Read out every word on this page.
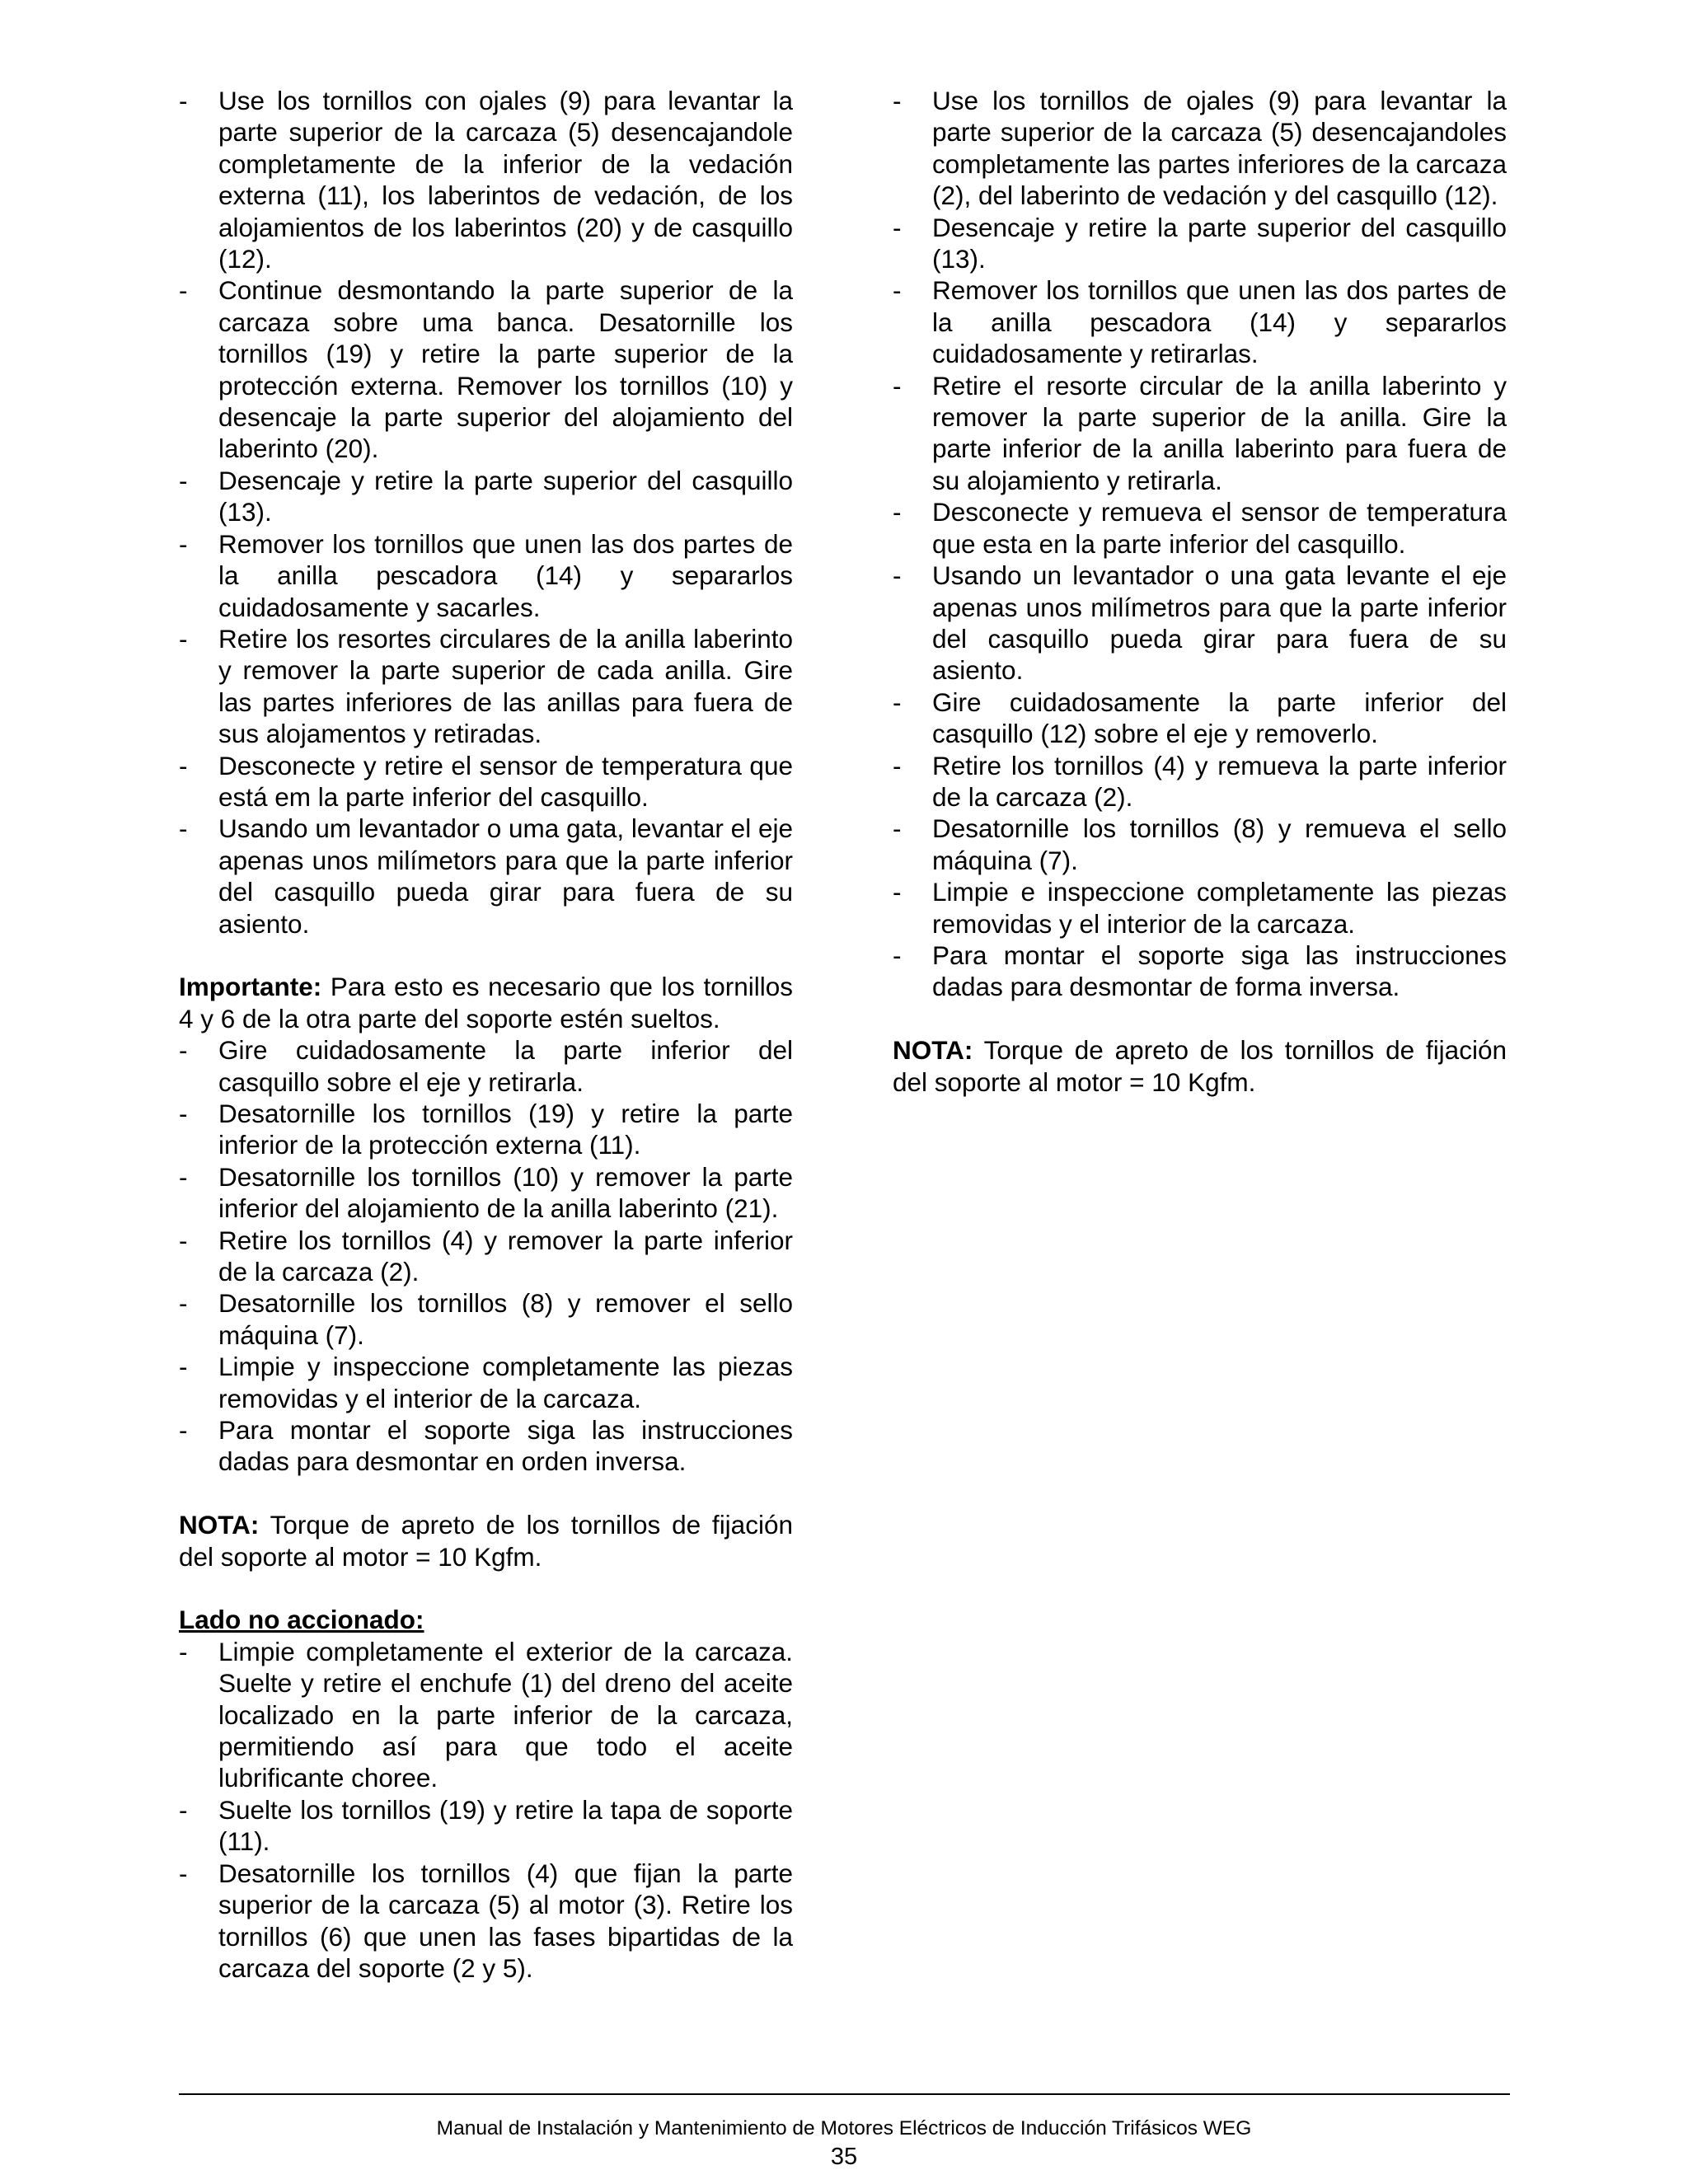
- Use los tornillos con ojales (9) para levantar la parte superior de la carcaza (5) desencajandole completamente de la inferior de la vedación externa (11), los laberintos de vedación, de los alojamientos de los laberintos (20) y de casquillo (12).
- Continue desmontando la parte superior de la carcaza sobre uma banca. Desatornille los tornillos (19) y retire la parte superior de la protección externa. Remover los tornillos (10) y desencaje la parte superior del alojamiento del laberinto (20).
- Desencaje y retire la parte superior del casquillo (13).
- Remover los tornillos que unen las dos partes de la anilla pescadora (14) y separarlos cuidadosamente y sacarles.
- Retire los resortes circulares de la anilla laberinto y remover la parte superior de cada anilla. Gire las partes inferiores de las anillas para fuera de sus alojamentos y retiradas.
- Desconecte y retire el sensor de temperatura que está em la parte inferior del casquillo.
- Usando um levantador o uma gata, levantar el eje apenas unos milímetors para que la parte inferior del casquillo pueda girar para fuera de su asiento.

Importante: Para esto es necesario que los tornillos 4 y 6 de la otra parte del soporte estén sueltos.

- Gire cuidadosamente la parte inferior del casquillo sobre el eje y retirarla.
- Desatornille los tornillos (19) y retire la parte inferior de la protección externa (11).
- Desatornille los tornillos (10) y remover la parte inferior del alojamiento de la anilla laberinto (21).
- Retire los tornillos (4) y remover la parte inferior de la carcaza (2).
- Desatornille los tornillos (8) y remover el sello máquina (7).
- Limpie y inspeccione completamente las piezas removidas y el interior de la carcaza.
- Para montar el soporte siga las instrucciones dadas para desmontar en orden inversa.

NOTA: Torque de apreto de los tornillos de fijación del soporte al motor = 10 Kgfm.

Lado no accionado:
- Limpie completamente el exterior de la carcaza. Suelte y retire el enchufe (1) del dreno del aceite localizado en la parte inferior de la carcaza, permitiendo así para que todo el aceite lubrificante choree.
- Suelte los tornillos (19) y retire la tapa de soporte (11).
- Desatornille los tornillos (4) que fijan la parte superior de la carcaza (5) al motor (3). Retire los tornillos (6) que unen las fases bipartidas de la carcaza del soporte (2 y 5).
- Use los tornillos de ojales (9) para levantar la parte superior de la carcaza (5) desencajandoles completamente las partes inferiores de la carcaza (2), del laberinto de vedación y del casquillo (12).
- Desencaje y retire la parte superior del casquillo (13).
- Remover los tornillos que unen las dos partes de la anilla pescadora (14) y separarlos cuidadosamente y retirarlas.
- Retire el resorte circular de la anilla laberinto y remover la parte superior de la anilla. Gire la parte inferior de la anilla laberinto para fuera de su alojamiento y retirarla.
- Desconecte y remueva el sensor de temperatura que esta en la parte inferior del casquillo.
- Usando un levantador o una gata levante el eje apenas unos milímetros para que la parte inferior del casquillo pueda girar para fuera de su asiento.
- Gire cuidadosamente la parte inferior del casquillo (12) sobre el eje y removerlo.
- Retire los tornillos (4) y remueva la parte inferior de la carcaza (2).
- Desatornille los tornillos (8) y remueva el sello máquina (7).
- Limpie e inspeccione completamente las piezas removidas y el interior de la carcaza.
- Para montar el soporte siga las instrucciones dadas para desmontar de forma inversa.

NOTA: Torque de apreto de los tornillos de fijación del soporte al motor = 10 Kgfm.

Manual de Instalación y Mantenimiento de Motores Eléctricos de Inducción Trifásicos WEG
35
